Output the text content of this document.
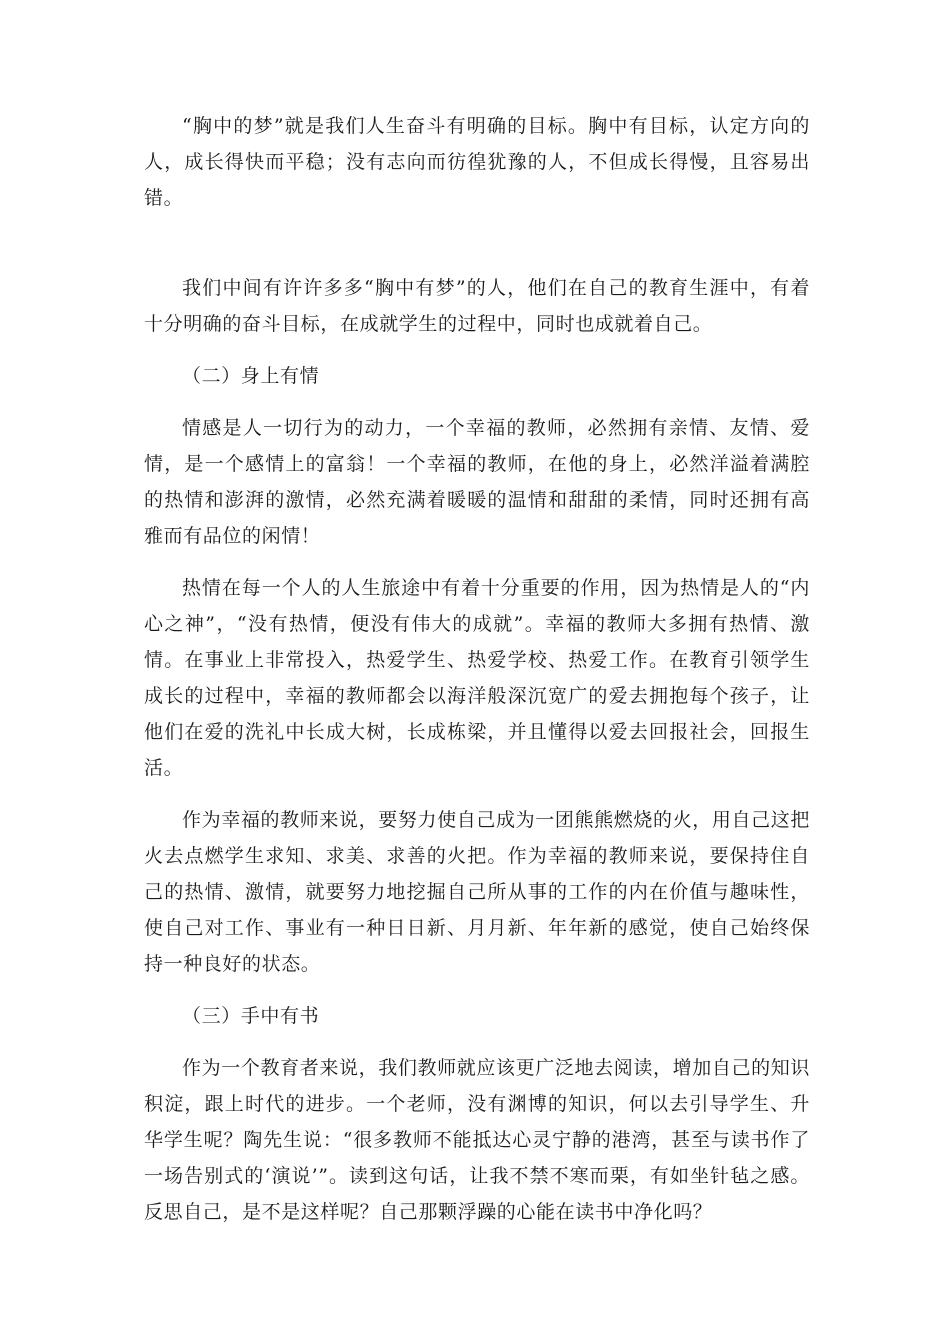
“胸中的梦”就是我们人生奋斗有明确的目标。胸中有目标，认定方向的人，成长得快而平稳；没有志向而彷徨犹豫的人，不但成长得慢，且容易出错。

我们中间有许许多多“胸中有梦”的人，他们在自己的教育生涯中，有着十分明确的奋斗目标，在成就学生的过程中，同时也成就着自己。

（二）身上有情

情感是人一切行为的动力，一个幸福的教师，必然拥有亲情、友情、爱情，是一个感情上的富翁！一个幸福的教师，在他的身上，必然洋溢着满腔的热情和澎湃的激情，必然充满着暖暖的温情和甜甜的柔情，同时还拥有高雅而有品位的闲情！

热情在每一个人的人生旅途中有着十分重要的作用，因为热情是人的“内心之神”，“没有热情，便没有伟大的成就”。幸福的教师大多拥有热情、激情。在事业上非常投入，热爱学生、热爱学校、热爱工作。在教育引领学生成长的过程中，幸福的教师都会以海洋般深沉宽广的爱去拥抱每个孩子，让他们在爱的洗礼中长成大树，长成栋梁，并且懂得以爱去回报社会，回报生活。

作为幸福的教师来说，要努力使自己成为一团熊熊燃烧的火，用自己这把火去点燃学生求知、求美、求善的火把。作为幸福的教师来说，要保持住自己的热情、激情，就要努力地挖掘自己所从事的工作的内在价值与趣味性， 使自己对工作、事业有一种日日新、月月新、年年新的感觉，使自己始终保持一种良好的状态。

（三）手中有书

作为一个教育者来说，我们教师就应该更广泛地去阅读，增加自己的知识积淀，跟上时代的进步。一个老师，没有渊博的知识，何以去引导学生、升华学生呢？陶先生说：“很多教师不能抵达心灵宁静的港湾，甚至与读书作了一场告别式的‘演说’”。读到这句话，让我不禁不寒而栗，有如坐针毡之感。反思自己，是不是这样呢？自己那颗浮躁的心能在读书中净化吗？
